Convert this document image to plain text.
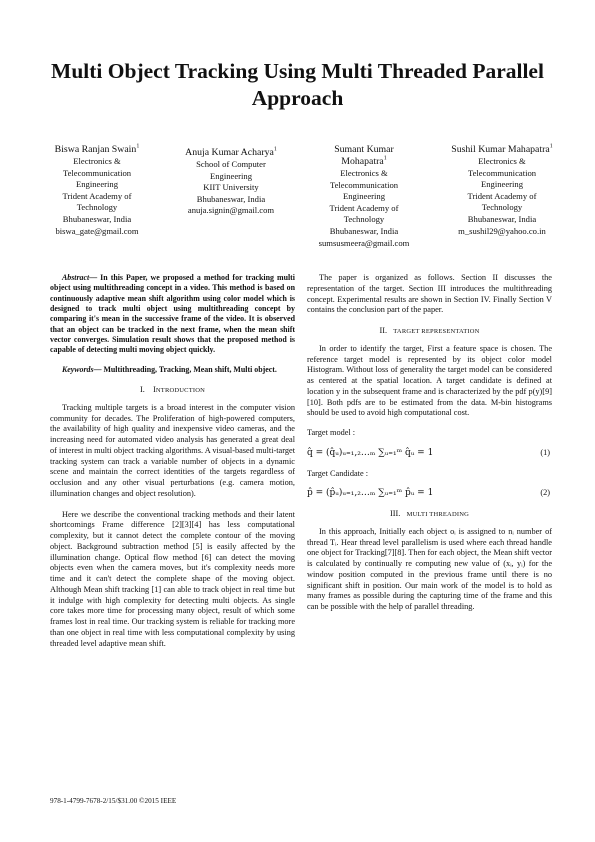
Multi Object Tracking Using Multi Threaded Parallel Approach
Biswa Ranjan Swain$^1$
Electronics &
Telecommunication
Engineering
Trident Academy of
Technology
Bhubaneswar, India
biswa_gate@gmail.com
Anuja Kumar Acharya$^1$
School of Computer
Engineering
KIIT University
Bhubaneswar, India
anuja.signin@gmail.com
Sumant Kumar
Mohapatra$^1$
Electronics &
Telecommunication
Engineering
Trident Academy of
Technology
Bhubaneswar, India
sumsusmeera@gmail.com
Sushil Kumar Mahapatra$^1$
Electronics &
Telecommunication
Engineering
Trident Academy of
Technology
Bhubaneswar, India
m_sushil29@yahoo.co.in

Abstract— In this Paper, we proposed a method for tracking multi object using multithreading concept in a video. This method is based on continuously adaptive mean shift algorithm using color model which is designed to track multi object using multithreading concept by comparing it's mean in the successive frame of the video. It is observed that an object can be tracked in the next frame, when the mean shift vector converges. Simulation result shows that the proposed method is capable of detecting multi moving object quickly.

Keywords— Multithreading, Tracking, Mean shift, Multi object.

I. INTRODUCTION

Tracking multiple targets is a broad interest in the computer vision community for decades. The Proliferation of high-powered computers, the availability of high quality and inexpensive video cameras, and the increasing need for automated video analysis has generated a great deal of interest in multi object tracking algorithms. A visual-based multi-target tracking system can track a variable number of objects in a dynamic scene and maintain the correct identities of the targets regardless of occlusion and any other visual perturbations (e.g. camera motion, illumination changes and object resolution).

Here we describe the conventional tracking methods and their latent shortcomings Frame difference [2][3][4] has less computational complexity, but it cannot detect the complete contour of the moving object. Background subtraction method [5] is easily affected by the illumination change. Optical flow method [6] can detect the moving objects even when the camera moves, but it's complexity needs more time and it can't detect the complete shape of the moving object. Although Mean shift tracking [1] can able to track object in real time but it indulge with high complexity for detecting multi objects. As single core takes more time for processing many object, result of which some frames lost in real time. Our tracking system is reliable for tracking more than one object in real time with less computational complexity by using threaded level adaptive mean shift.

The paper is organized as follows. Section II discusses the representation of the target. Section III introduces the multithreading concept. Experimental results are shown in Section IV. Finally Section V contains the conclusion part of the paper.

II. TARGET REPRESENTATION

In order to identify the target, First a feature space is chosen. The reference target model is represented by its object color model Histogram. Without loss of generality the target model can be considered as centered at the spatial location. A target candidate is defined at location y in the subsequent frame and is characterized by the pdf p(y)[9][10]. Both pdfs are to be estimated from the data. M-bin histograms should be used to avoid high computational cost.

Target model :

q̂ = (q̂ᵤ)ᵤ₌₁,₂…ₘ ∑ᵤ₌₁ᵐ q̂ᵤ = 1	(1)

Target Candidate :

p̂ = (p̂ᵤ)ᵤ₌₁,₂…ₘ ∑ᵤ₌₁ᵐ p̂ᵤ = 1	(2)

III. MULTI THREADING

In this approach, Initially each object oᵢ is assigned to nᵢ number of thread Tᵢ. Hear thread level parallelism is used where each thread handle one object for Tracking[7][8]. Then for each object, the Mean shift vector is calculated by continually re computing new value of (xᵢ, yᵢ) for the window position computed in the previous frame until there is no significant shift in position. Our main work of the model is to hold as many frames as possible during the capturing time of the frame and this can be possible with the help of parallel threading.

978-1-4799-7678-2/15/$31.00 ©2015 IEEE
